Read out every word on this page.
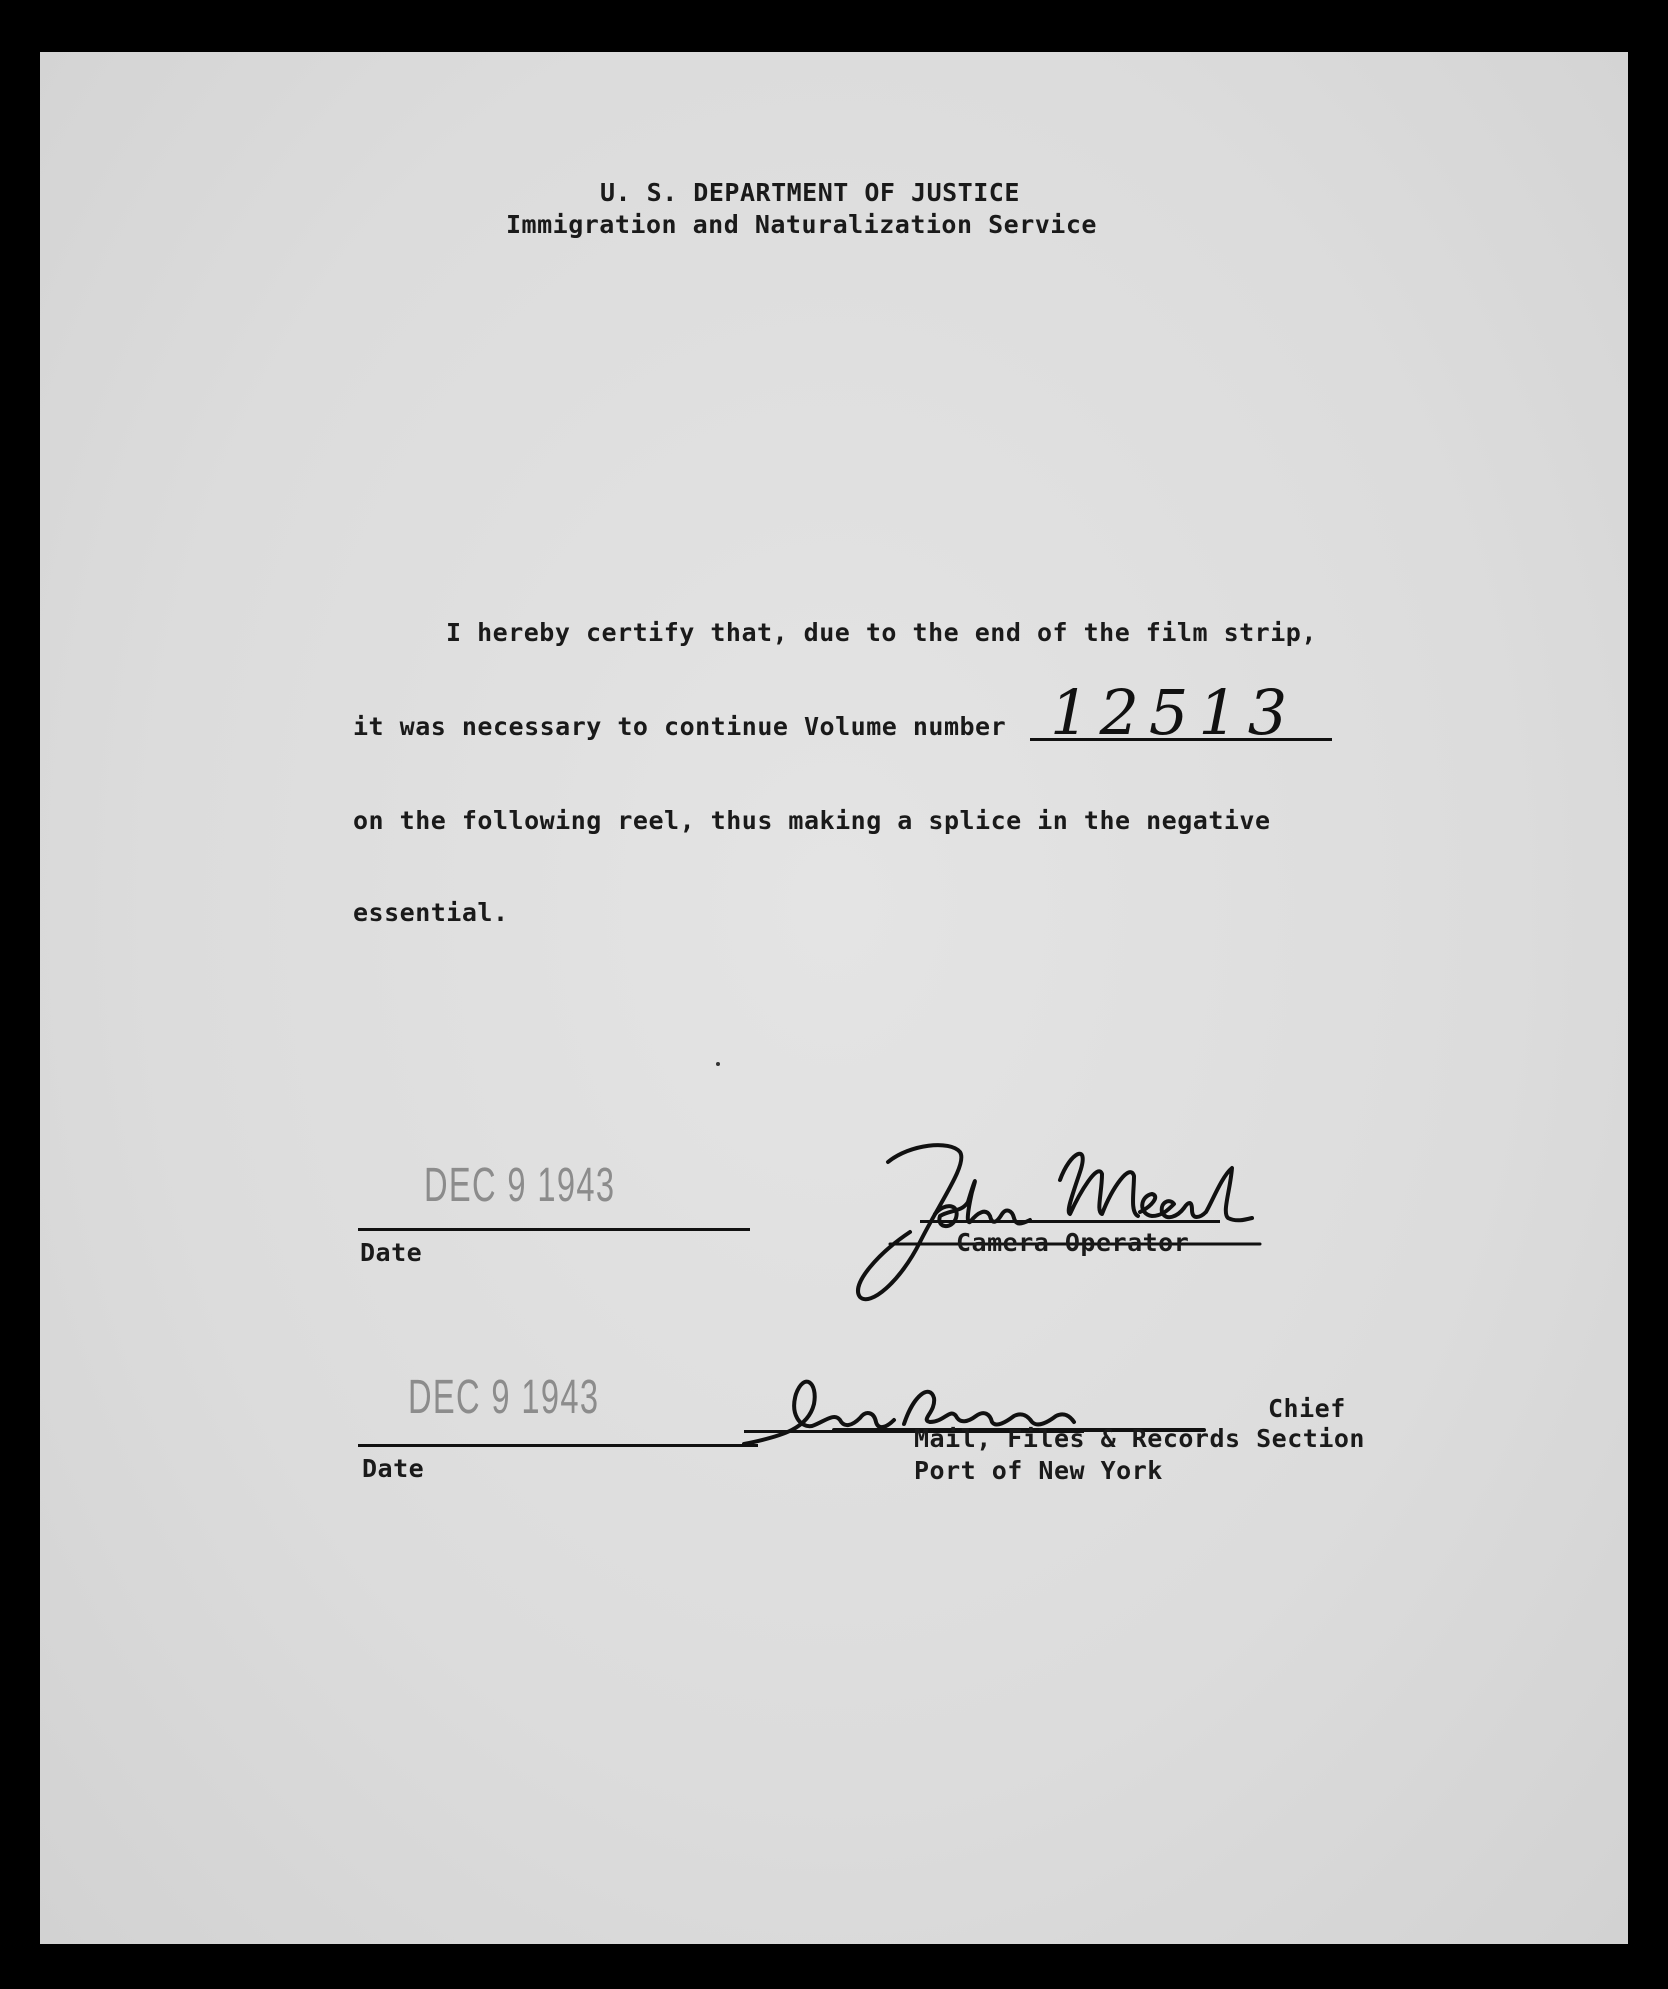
U. S. DEPARTMENT OF JUSTICE
Immigration and Naturalization Service
I hereby certify that, due to the end of the film strip,
it was necessary to continue Volume number 12513
on the following reel, thus making a splice in the negative
essential.
DEC 9 1943
Date	Camera Operator
DEC 9 1943
Date
Chief
Mail, Files & Records Section
Port of New York
